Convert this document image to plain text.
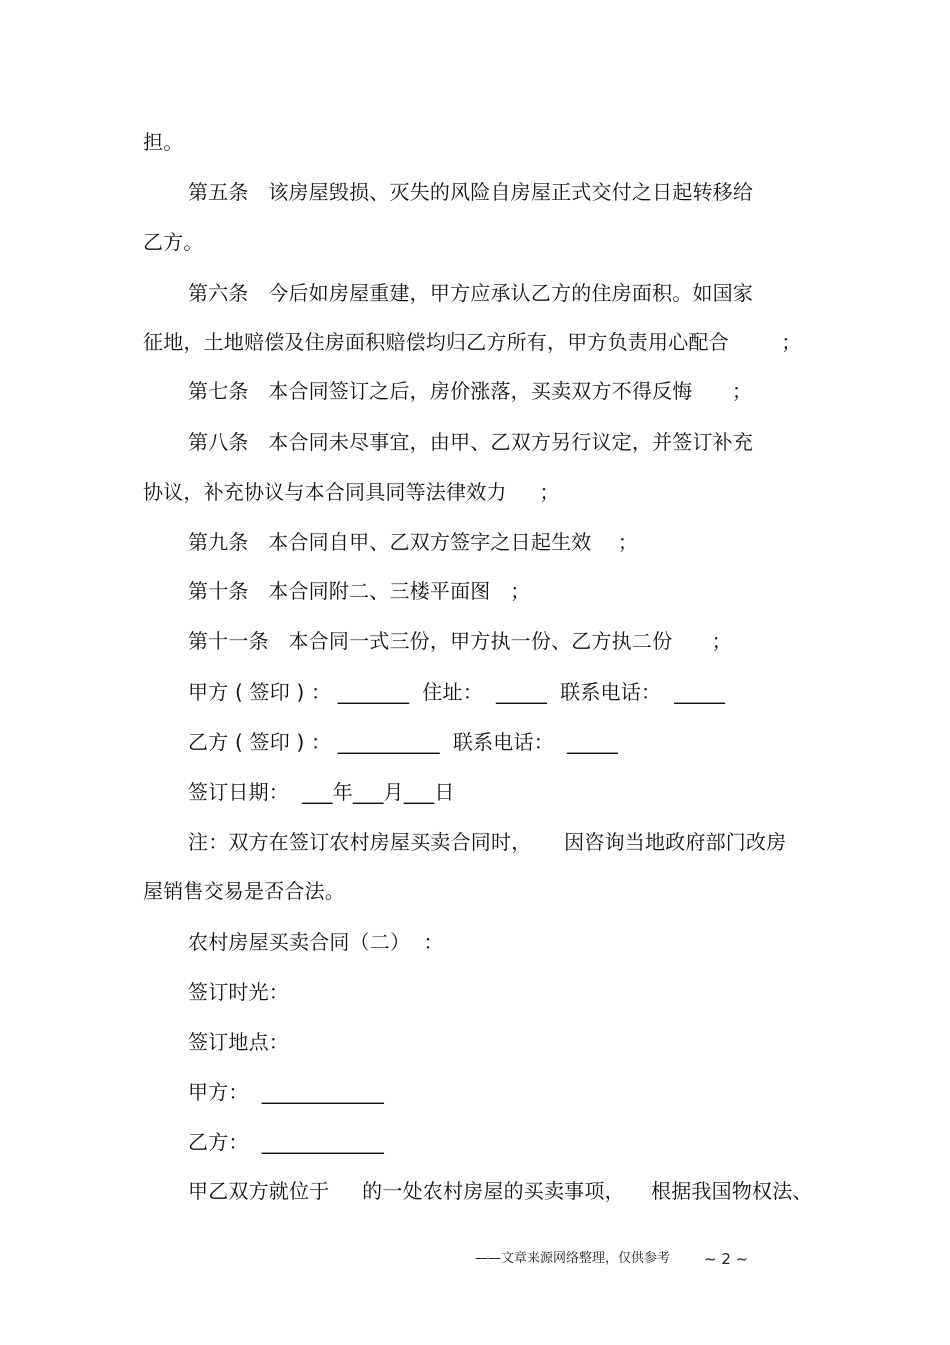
担。
第五条   该房屋毁损、灭失的风险自房屋正式交付之日起转移给
乙方。
第六条   今后如房屋重建，甲方应承认乙方的住房面积。如国家
征地，土地赔偿及住房面积赔偿均归乙方所有，甲方负责用心配合        ；
第七条   本合同签订之后，房价涨落，买卖双方不得反悔      ；
第八条   本合同未尽事宜，由甲、乙双方另行议定，并签订补充
协议，补充协议与本合同具同等法律效力     ；
第九条   本合同自甲、乙双方签字之日起生效    ；
第十条   本合同附二、三楼平面图   ；
第十一条   本合同一式三份，甲方执一份、乙方执二份      ；
甲方 ( 签印 ) ： _______  住址：  _____  联系电话：  _____
乙方 ( 签印 ) ： __________  联系电话：  _____
签订日期：  ___年___月___日
注：双方在签订农村房屋买卖合同时，     因咨询当地政府部门改房
屋销售交易是否合法。
农村房屋买卖合同（二）  ：
签订时光：
签订地点：
甲方：  ____________
乙方：  ____________
甲乙双方就位于     的一处农村房屋的买卖事项，    根据我国物权法、
——文章来源网络整理，仅供参考 ~ 2 ~
